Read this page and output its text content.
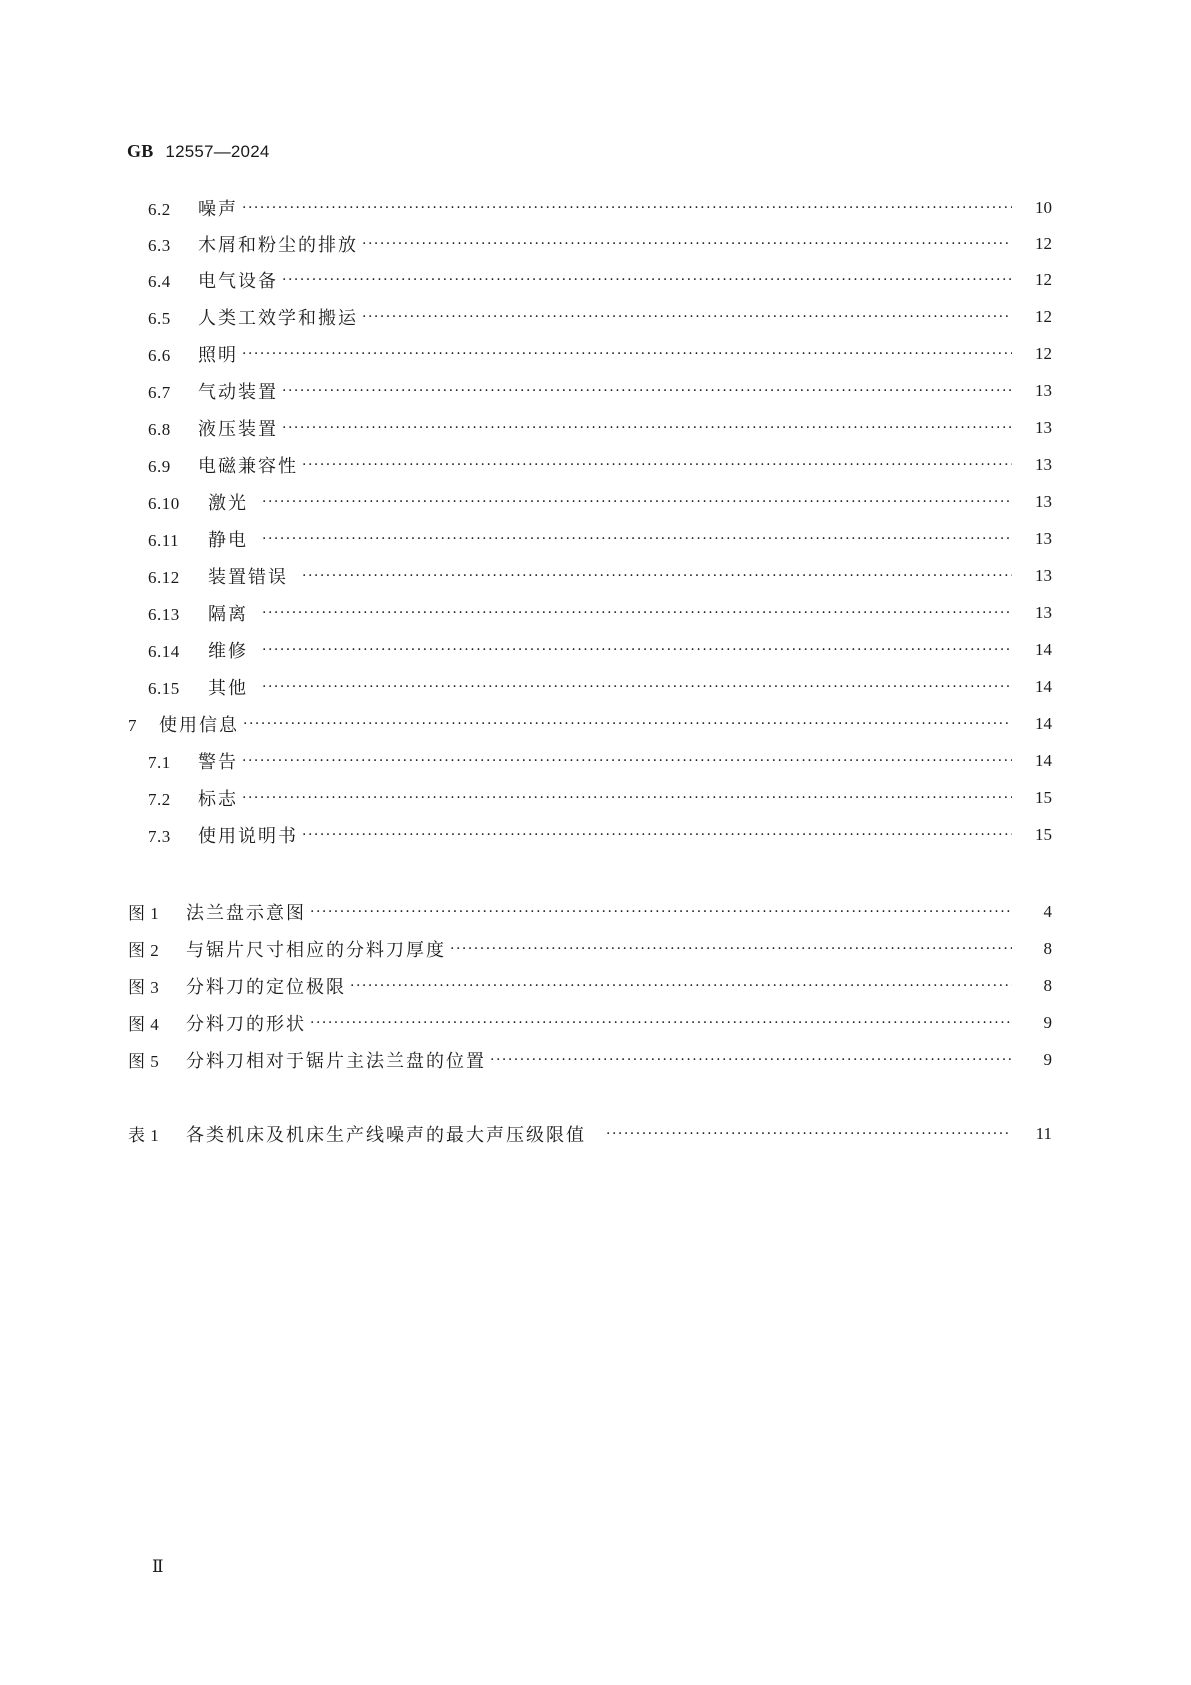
GB 12557—2024
6.2	噪声 ·····	10
6.3	木屑和粉尘的排放 ·····	12
6.4	电气设备 ·····	12
6.5	人类工效学和搬运 ·····	12
6.6	照明 ·····	12
6.7	气动装置 ·····	13
6.8	液压装置 ·····	13
6.9	电磁兼容性 ·····	13
6.10	激光 ·····	13
6.11	静电 ·····	13
6.12	装置错误 ·····	13
6.13	隔离 ·····	13
6.14	维修 ·····	14
6.15	其他 ·····	14
7	使用信息 ·····	14
7.1	警告 ·····	14
7.2	标志 ·····	15
7.3	使用说明书 ·····	15
图 1	法兰盘示意图 ·····	4
图 2	与锯片尺寸相应的分料刀厚度 ·····	8
图 3	分料刀的定位极限 ·····	8
图 4	分料刀的形状 ·····	9
图 5	分料刀相对于锯片主法兰盘的位置 ·····	9
表 1	各类机床及机床生产线噪声的最大声压级限值 ·····	11
Ⅱ
